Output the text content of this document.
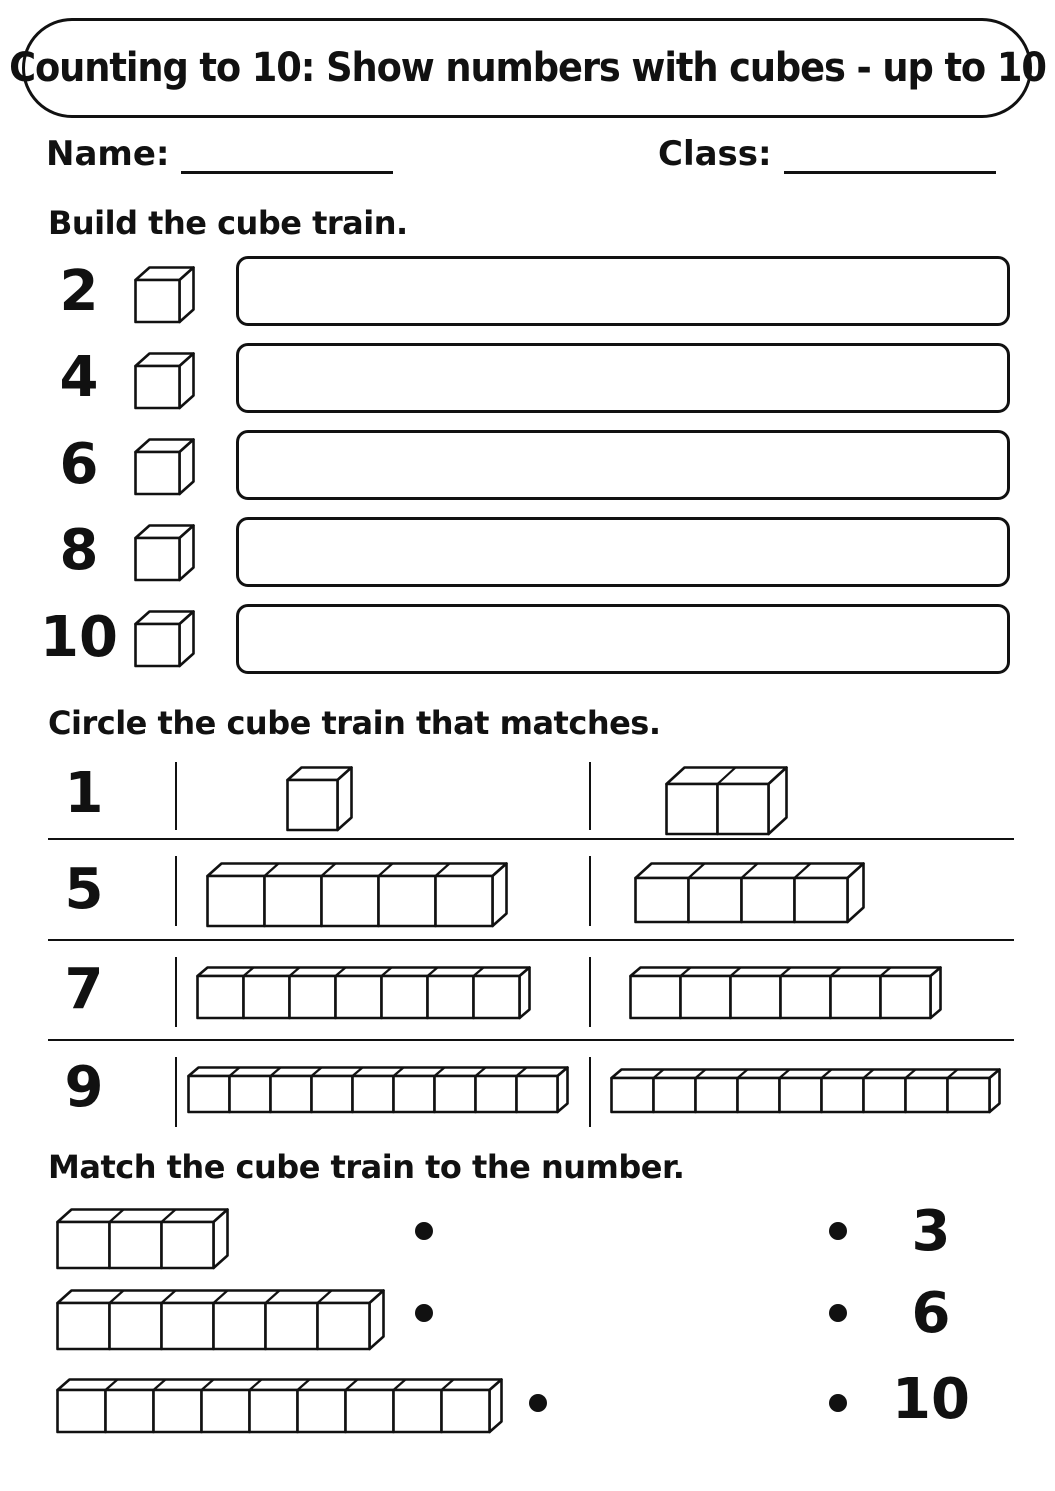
Counting to 10: Show numbers with cubes - up to 10
Name:	Class:
Build the cube train.
2
4
6
8
10
Circle the cube train that matches.
1
5
7
9
Match the cube train to the number.
3
6
10
